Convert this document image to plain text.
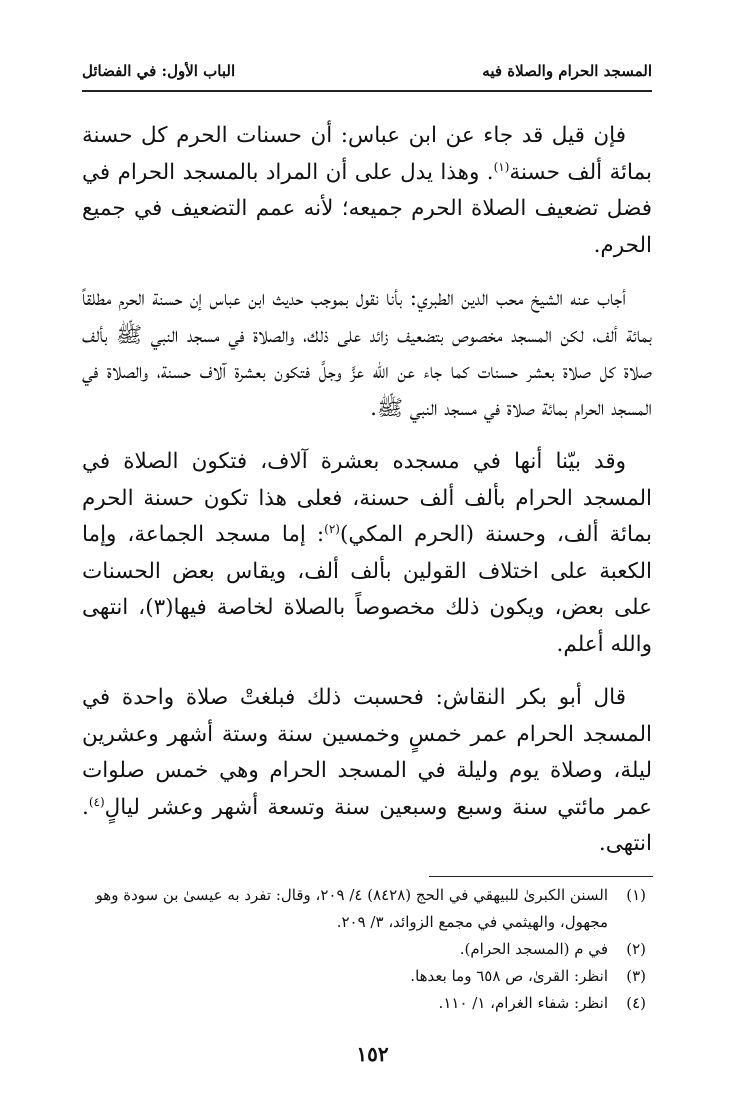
المسجد الحرام والصلاة فيه
الباب الأول: في الفضائل

فإن قيل قد جاء عن ابن عباس: أن حسنات الحرم كل حسنة بمائة ألف حسنة$^{(١)}$. وهذا يدل على أن المراد بالمسجد الحرام في فضل تضعيف الصلاة الحرم جميعه؛ لأنه عمم التضعيف في جميع الحرم.

أجاب عنه الشيخ محب الدين الطبري: بأنا نقول بموجب حديث ابن عباس إن حسنة الحرم مطلقاً بمائة ألف، لكن المسجد مخصوص بتضعيف زائد على ذلك، والصلاة في مسجد النبي ﷺ بألف صلاة كل صلاة بعشر حسنات كما جاء عن الله عزَّ وجلَّ فتكون بعشرة آلاف حسنة، والصلاة في المسجد الحرام بمائة صلاة في مسجد النبي ﷺ.

وقد بيّنا أنها في مسجده بعشرة آلاف، فتكون الصلاة في المسجد الحرام بألف ألف حسنة، فعلى هذا تكون حسنة الحرم بمائة ألف، وحسنة (الحرم المكي)$^{(٢)}$: إما مسجد الجماعة، وإما الكعبة على اختلاف القولين بألف ألف، ويقاس بعض الحسنات على بعض، ويكون ذلك مخصوصاً بالصلاة لخاصة فيها(٣)، انتهى والله أعلم.

قال أبو بكر النقاش: فحسبت ذلك فبلغتْ صلاة واحدة في المسجد الحرام عمر خمسٍ وخمسين سنة وستة أشهر وعشرين ليلة، وصلاة يوم وليلة في المسجد الحرام وهي خمس صلوات عمر مائتي سنة وسبع وسبعين سنة وتسعة أشهر وعشر ليالٍ$^{(٤)}$. انتهى.

(١)
السنن الكبرىٰ للبيهقي في الحج (٨٤٢٨) ٤/ ٢٠٩، وقال: تفرد به عيسىٰ بن سودة وهو مجهول، والهيثمي في مجمع الزوائد، ٣/ ٢٠٩.
(٢)
في م (المسجد الحرام).
(٣)
انظر: القرىٰ، ص ٦٥٨ وما بعدها.
(٤)
انظر: شفاء الغرام، ١/ ١١٠.
١٥٢
